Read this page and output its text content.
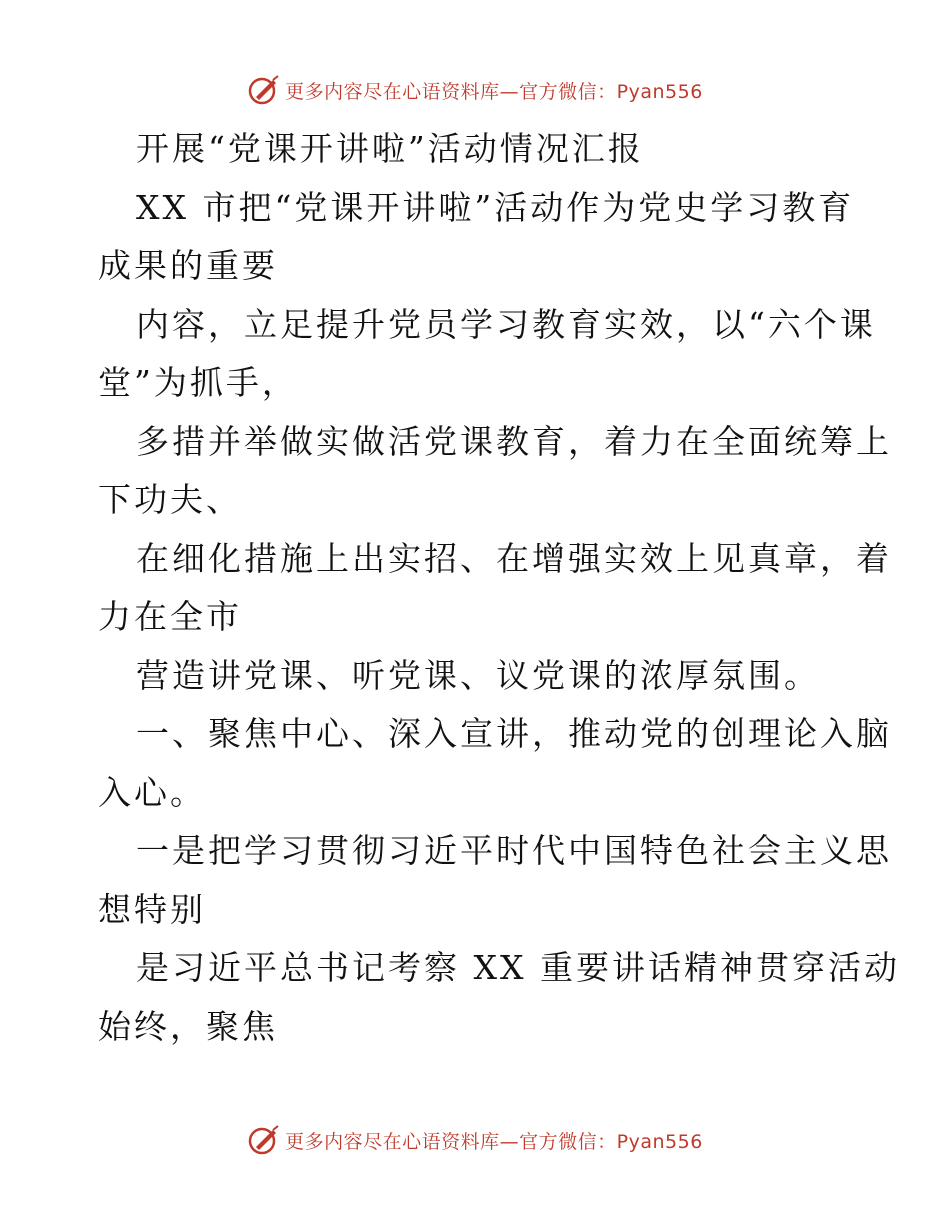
更多内容尽在心语资料库—官方微信：Pyan556
开展“党课开讲啦”活动情况汇报
XX 市把“党课开讲啦”活动作为党史学习教育
成果的重要
内容，立足提升党员学习教育实效，以“六个课
堂”为抓手，
多措并举做实做活党课教育，着力在全面统筹上
下功夫、
在细化措施上出实招、在增强实效上见真章，着
力在全市
营造讲党课、听党课、议党课的浓厚氛围。
一、聚焦中心、深入宣讲，推动党的创理论入脑
入心。
一是把学习贯彻习近平时代中国特色社会主义思
想特别
是习近平总书记考察 XX 重要讲话精神贯穿活动
始终，聚焦
更多内容尽在心语资料库—官方微信：Pyan556
